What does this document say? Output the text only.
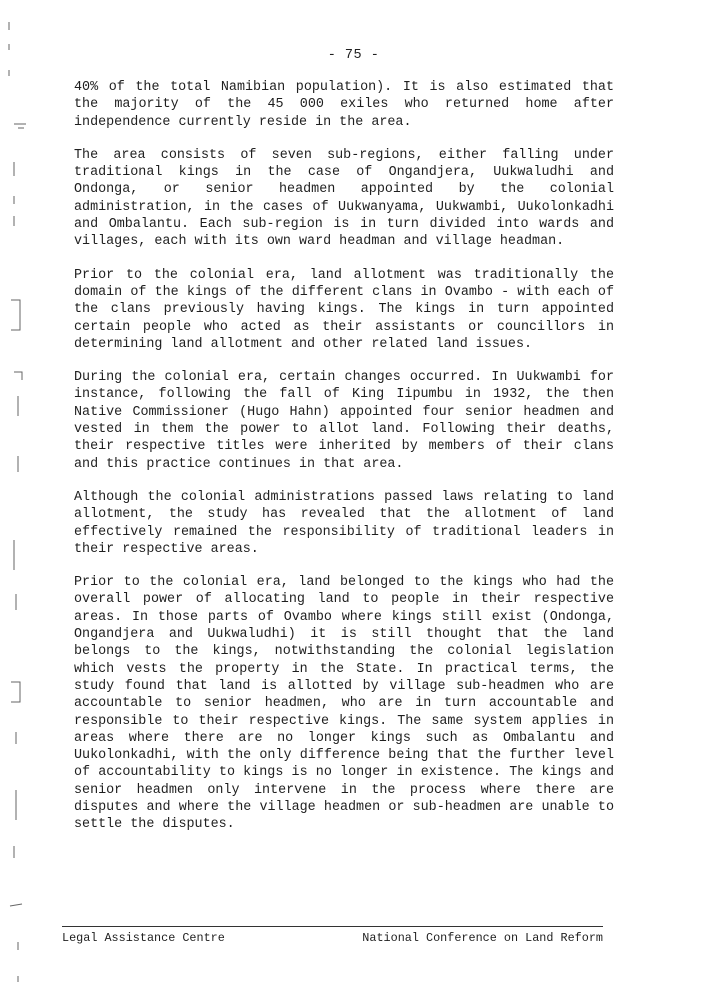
- 75 -

40% of the total Namibian population). It is also estimated that the majority of the 45 000 exiles who returned home after independence currently reside in the area.

The area consists of seven sub-regions, either falling under traditional kings in the case of Ongandjera, Uukwaludhi and Ondonga, or senior headmen appointed by the colonial administration, in the cases of Uukwanyama, Uukwambi, Uukolonkadhi and Ombalantu. Each sub-region is in turn divided into wards and villages, each with its own ward headman and village headman.

Prior to the colonial era, land allotment was traditionally the domain of the kings of the different clans in Ovambo - with each of the clans previously having kings. The kings in turn appointed certain people who acted as their assistants or councillors in determining land allotment and other related land issues.

During the colonial era, certain changes occurred. In Uukwambi for instance, following the fall of King Iipumbu in 1932, the then Native Commissioner (Hugo Hahn) appointed four senior headmen and vested in them the power to allot land. Following their deaths, their respective titles were inherited by members of their clans and this practice continues in that area.

Although the colonial administrations passed laws relating to land allotment, the study has revealed that the allotment of land effectively remained the responsibility of traditional leaders in their respective areas.

Prior to the colonial era, land belonged to the kings who had the overall power of allocating land to people in their respective areas. In those parts of Ovambo where kings still exist (Ondonga, Ongandjera and Uukwaludhi) it is still thought that the land belongs to the kings, notwithstanding the colonial legislation which vests the property in the State. In practical terms, the study found that land is allotted by village sub-headmen who are accountable to senior headmen, who are in turn accountable and responsible to their respective kings. The same system applies in areas where there are no longer kings such as Ombalantu and Uukolonkadhi, with the only difference being that the further level of accountability to kings is no longer in existence. The kings and senior headmen only intervene in the process where there are disputes and where the village headmen or sub-headmen are unable to settle the disputes.

Legal Assistance Centre	National Conference on Land Reform
